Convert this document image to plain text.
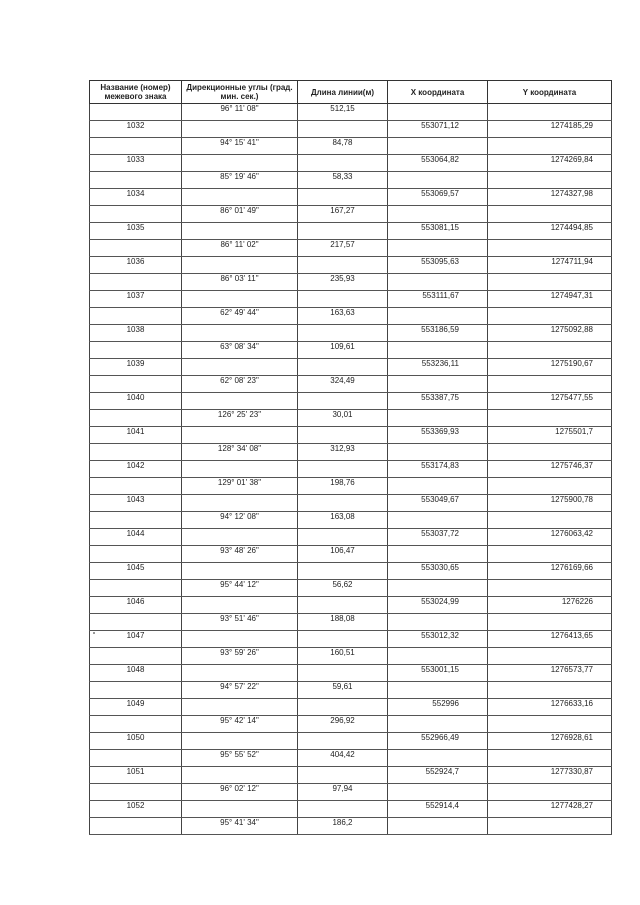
Название (номер) межевого знака	Дирекционные углы (град. мин. сек.)	Длина линии(м)	X координата	Y координата
	96° 11' 08"	512,15		
1032			553071,12	1274185,29
	94° 15' 41"	84,78		
1033			553064,82	1274269,84
	85° 19' 46"	58,33		
1034			553069,57	1274327,98
	86° 01' 49"	167,27		
1035			553081,15	1274494,85
	86° 11' 02"	217,57		
1036			553095,63	1274711,94
	86° 03' 11"	235,93		
1037			553111,67	1274947,31
	62° 49' 44"	163,63		
1038			553186,59	1275092,88
	63° 08' 34"	109,61		
1039			553236,11	1275190,67
	62° 08' 23"	324,49		
1040			553387,75	1275477,55
	126° 25' 23"	30,01		
1041			553369,93	1275501,7
	128° 34' 08"	312,93		
1042			553174,83	1275746,37
	129° 01' 38"	198,76		
1043			553049,67	1275900,78
	94° 12' 08"	163,08		
1044			553037,72	1276063,42
	93° 48' 26"	106,47		
1045			553030,65	1276169,66
	95° 44' 12"	56,62		
1046			553024,99	1276226
	93° 51' 46"	188,08		
1047			553012,32	1276413,65
	93° 59' 26"	160,51		
1048			553001,15	1276573,77
	94° 57' 22"	59,61		
1049			552996	1276633,16
	95° 42' 14"	296,92		
1050			552966,49	1276928,61
	95° 55' 52"	404,42		
1051			552924,7	1277330,87
	96° 02' 12"	97,94		
1052			552914,4	1277428,27
	95° 41' 34"	186,2		
